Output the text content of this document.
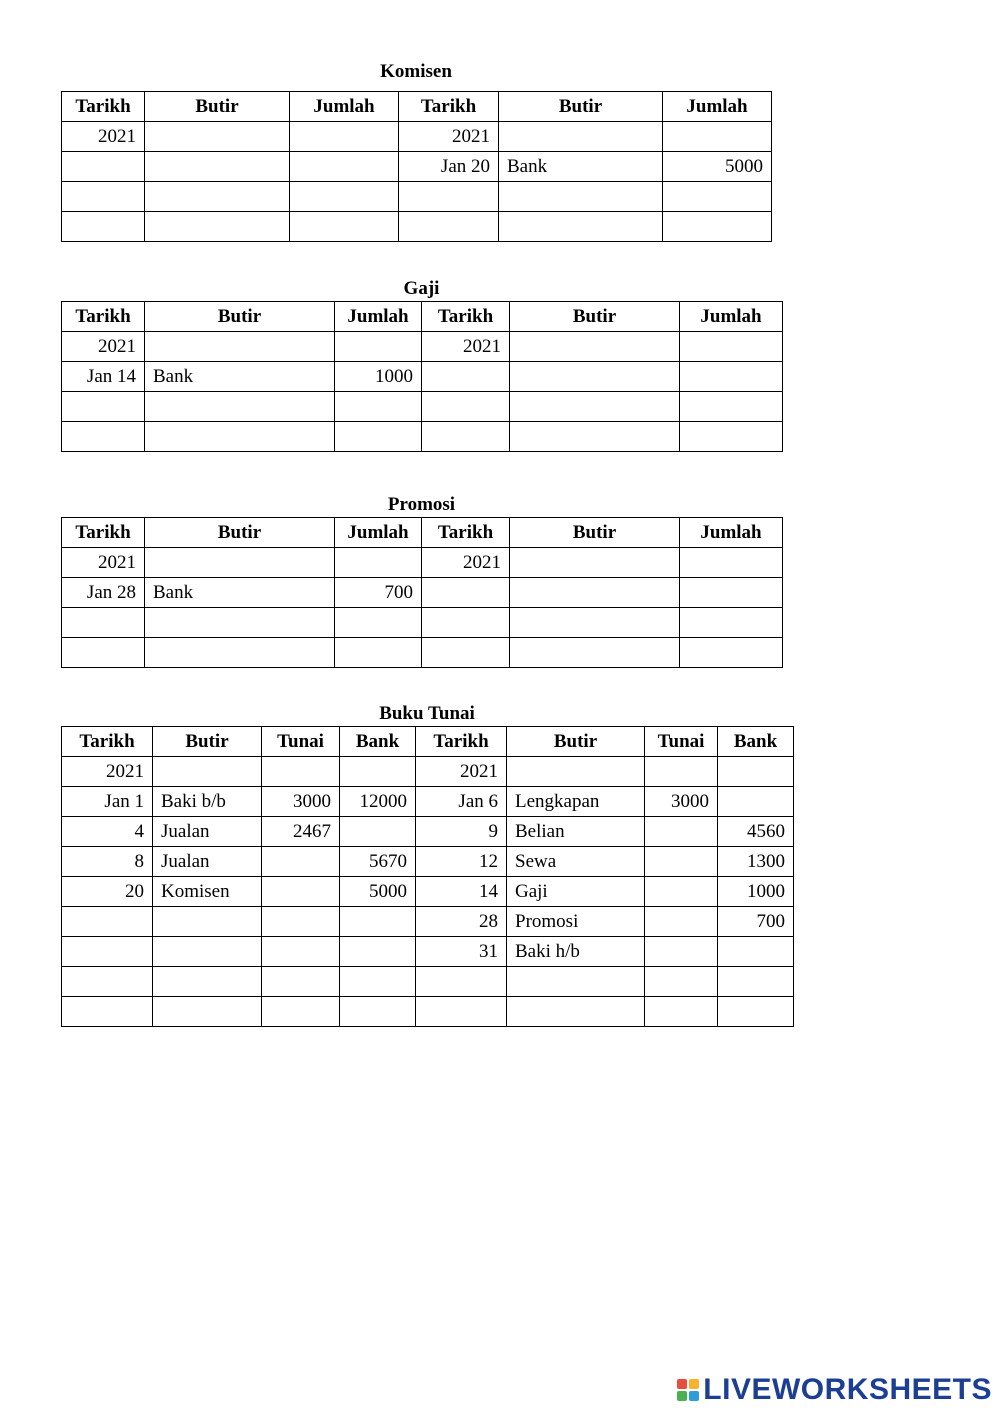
Komisen
Tarikh	Butir	Jumlah	Tarikh	Butir	Jumlah
2021			2021		
			Jan 20	Bank	5000

Gaji
Tarikh	Butir	Jumlah	Tarikh	Butir	Jumlah
2021			2021		
Jan 14	Bank	1000			

Promosi
Tarikh	Butir	Jumlah	Tarikh	Butir	Jumlah
2021			2021		
Jan 28	Bank	700			

Buku Tunai
Tarikh	Butir	Tunai	Bank	Tarikh	Butir	Tunai	Bank
2021				2021			
Jan 1	Baki b/b	3000	12000	Jan 6	Lengkapan	3000	
4	Jualan	2467		9	Belian		4560
8	Jualan		5670	12	Sewa		1300
20	Komisen		5000	14	Gaji		1000
				28	Promosi		700
				31	Baki h/b		

LIVEWORKSHEETS
